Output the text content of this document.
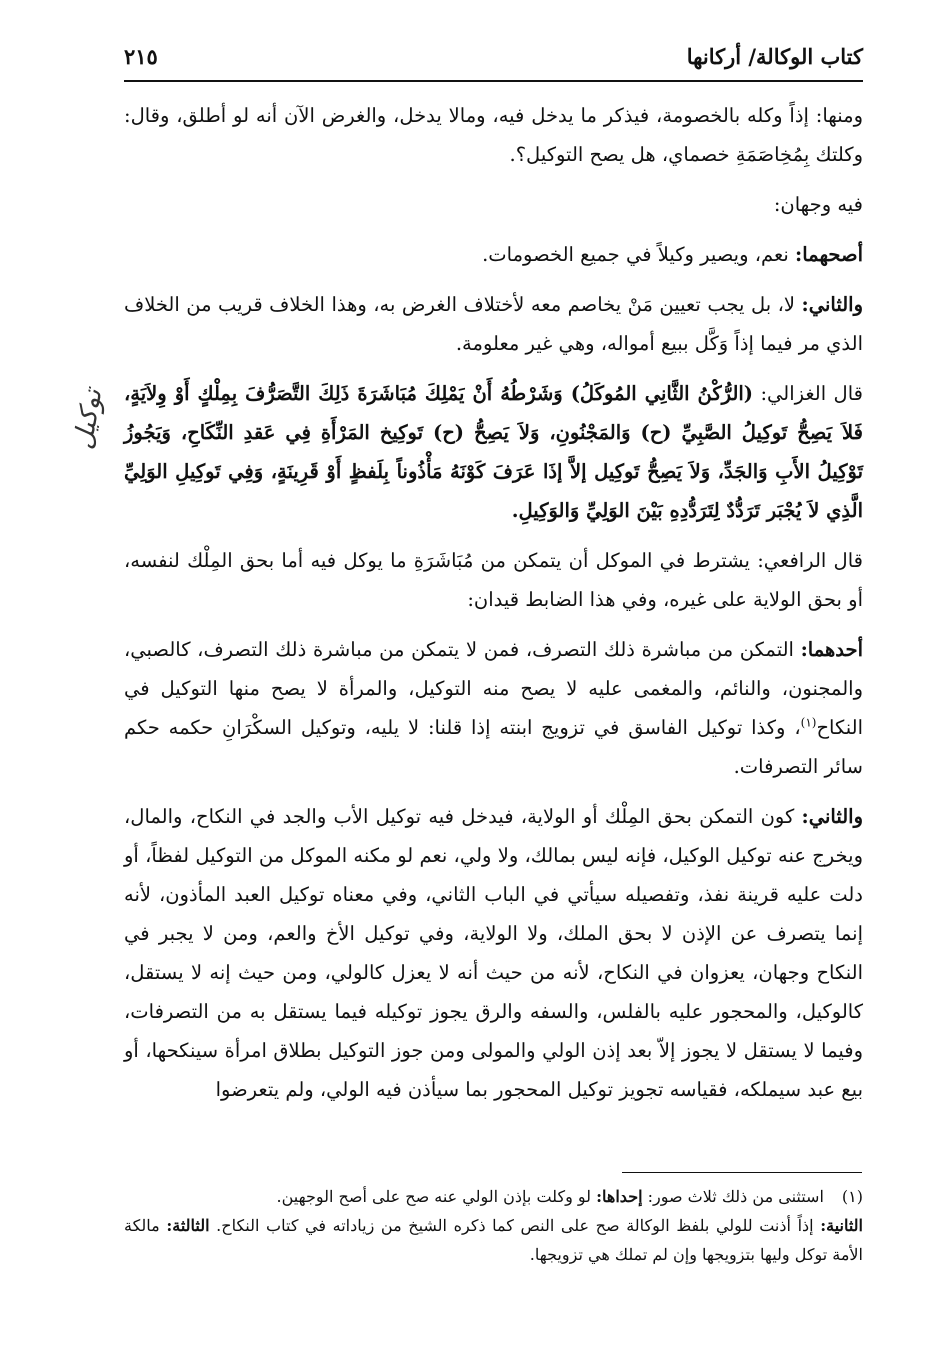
كتاب الوكالة/ أركانها
٢١٥
توكيل

ومنها: إذاً وكله بالخصومة، فيذكر ما يدخل فيه، ومالا يدخل، والغرض الآن أنه لو أطلق، وقال: وكلتك بِمُخِاصَمَةِ خصماي، هل يصح التوكيل؟.

فيه وجهان:

أصحهما: نعم، ويصير وكيلاً في جميع الخصومات.

والثاني: لا، بل يجب تعيين مَنْ يخاصم معه لأختلاف الغرض به، وهذا الخلاف قريب من الخلاف الذي مر فيما إذاً وَكَّل ببيع أمواله، وهي غير معلومة.

قال الغزالي: (الرُّكْنُ الثَّانِي المُوكَلُ) وَشَرْطُهُ أَنْ يَمْلِكَ مُبَاشَرَةَ ذَلِكَ التَّصَرُّفَ بِمِلْكٍ أَوْ وِلاَيَةٍ، فَلاَ يَصِحُّ تَوكِيلُ الصَّبِيِّ (ح) وَالمَجْنُونِ، وَلاَ يَصِحُّ (ح) تَوكِيخ المَرْأَةِ فِي عَقدِ النِّكَاحِ، وَيَجُوزُ تَوْكِيلُ الأَبِ وَالجَدِّ، وَلاَ يَصِحُّ تَوكِيل إلاَّ إذَا عَرَفَ كَوْنَهُ مَأْذُوناً بِلَفظٍ أَوْ قَرِينَةٍ، وَفِي تَوكِيلِ الوَلِيِّ الَّذِي لاَ يُجْبَر تَرَدُّدٌ لِتَرَدُّدِهِ بَيْنَ الوَلِيِّ وَالوَكِيلِ.

قال الرافعي: يشترط في الموكل أن يتمكن من مُبَاشَرَةِ ما يوكل فيه أما بحق المِلْك لنفسه، أو بحق الولاية على غيره، وفي هذا الضابط قيدان:

أحدهما: التمكن من مباشرة ذلك التصرف، فمن لا يتمكن من مباشرة ذلك التصرف، كالصبي، والمجنون، والنائم، والمغمى عليه لا يصح منه التوكيل، والمرأة لا يصح منها التوكيل في النكاح$^{(١)}$، وكذا توكيل الفاسق في تزويج ابنته إذا قلنا: لا يليه، وتوكيل السكْرَانِ حكمه حكم سائر التصرفات.

والثاني: كون التمكن بحق المِلْك أو الولاية، فيدخل فيه توكيل الأب والجد في النكاح، والمال، ويخرج عنه توكيل الوكيل، فإنه ليس بمالك، ولا ولي، نعم لو مكنه الموكل من التوكيل لفظاً، أو دلت عليه قرينة نفذ، وتفصيله سيأتي في الباب الثاني، وفي معناه توكيل العبد المأذون، لأنه إنما يتصرف عن الإذن لا بحق الملك، ولا الولاية، وفي توكيل الأخ والعم، ومن لا يجبر في النكاح وجهان، يعزوان في النكاح، لأنه من حيث أنه لا يعزل كالولي، ومن حيث إنه لا يستقل، كالوكيل، والمحجور عليه بالفلس، والسفه والرق يجوز توكيله فيما يستقل به من التصرفات، وفيما لا يستقل لا يجوز إلاّ بعد إذن الولي والمولى ومن جوز التوكيل بطلاق امرأة سينكحها، أو بيع عبد سيملكه، فقياسه تجويز توكيل المحجور بما سيأذن فيه الولي، ولم يتعرضوا

(١)استثنى من ذلك ثلاث صور: إحداها: لو وكلت بإذن الولي عنه صح على أصح الوجهين.

الثانية: إذاً أذنت للولي بلفظ الوكالة صح على النص كما ذكره الشيخ من زياداته في كتاب النكاح. الثالثة: مالكة الأمة توكل وليها بتزويجها وإن لم تملك هي تزويجها.
